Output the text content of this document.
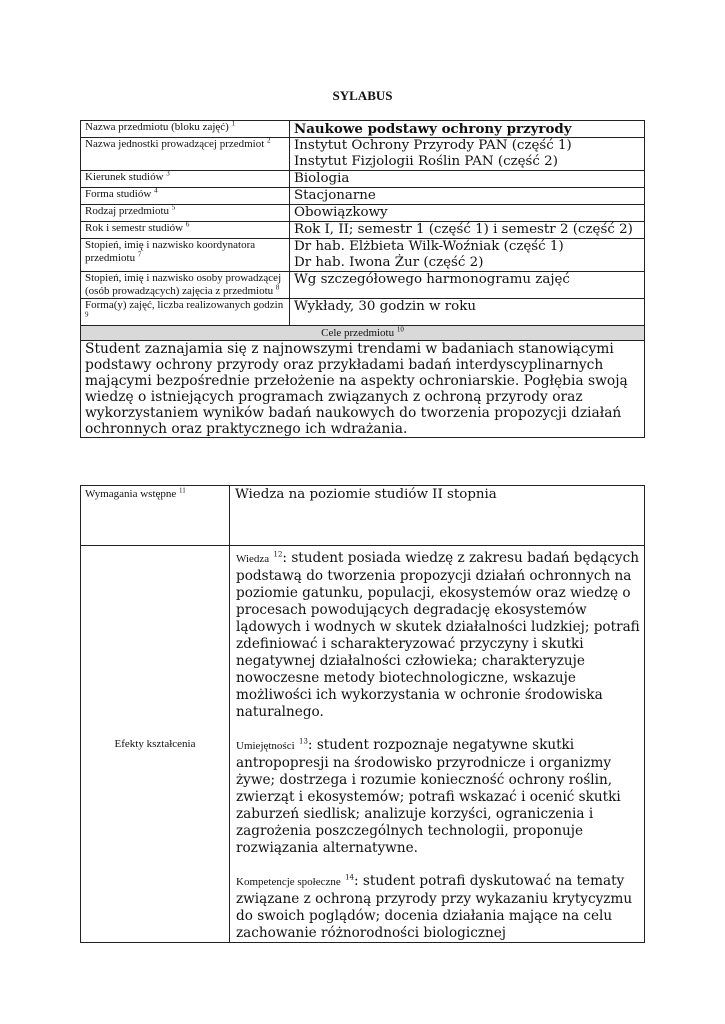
SYLABUS
Nazwa przedmiotu (bloku zajęć) $^1$	Naukowe podstawy ochrony przyrody
Nazwa jednostki prowadzącej przedmiot $^2$	Instytut Ochrony Przyrody PAN (część 1)
Instytut Fizjologii Roślin PAN (część 2)
Kierunek studiów $^3$	Biologia
Forma studiów $^4$	Stacjonarne
Rodzaj przedmiotu $^5$	Obowiązkowy
Rok i semestr studiów $^6$	Rok I, II; semestr 1 (część 1) i semestr 2 (część 2)
Stopień, imię i nazwisko koordynatora przedmiotu $^7$	Dr hab. Elżbieta Wilk-Woźniak (część 1)
Dr hab. Iwona Żur (część 2)
Stopień, imię i nazwisko osoby prowadzącej (osób prowadzących) zajęcia z przedmiotu $^8$	Wg szczegółowego harmonogramu zajęć
Forma(y) zajęć, liczba realizowanych godzin $^9$	Wykłady, 30 godzin w roku
Cele przedmiotu $^{10}$
Student zaznajamia się z najnowszymi trendami w badaniach stanowiącymi podstawy ochrony przyrody oraz przykładami badań interdyscyplinarnych mającymi bezpośrednie przełożenie na aspekty ochroniarskie. Pogłębia swoją wiedzę o istniejących programach związanych z ochroną przyrody oraz wykorzystaniem wyników badań naukowych do tworzenia propozycji działań ochronnych oraz praktycznego ich wdrażania.	
Wymagania wstępne $^{11}$	Wiedza na poziomie studiów II stopnia
Efekty kształcenia	Wiedza $^{12}$: student posiada wiedzę z zakresu badań będących podstawą do tworzenia propozycji działań ochronnych na poziomie gatunku, populacji, ekosystemów oraz wiedzę o procesach powodujących degradację ekosystemów lądowych i wodnych w skutek działalności ludzkiej; potrafi zdefiniować i scharakteryzować przyczyny i skutki negatywnej działalności człowieka; charakteryzuje nowoczesne metody biotechnologiczne, wskazuje możliwości ich wykorzystania w ochronie środowiska naturalnego.

Umiejętności $^{13}$: student rozpoznaje negatywne skutki antropopresji na środowisko przyrodnicze i organizmy żywe; dostrzega i rozumie konieczność ochrony roślin, zwierząt i ekosystemów; potrafi wskazać i ocenić skutki zaburzeń siedlisk; analizuje korzyści, ograniczenia i zagrożenia poszczególnych technologii, proponuje rozwiązania alternatywne.

Kompetencje społeczne $^{14}$: student potrafi dyskutować na tematy związane z ochroną przyrody przy wykazaniu krytycyzmu do swoich poglądów; docenia działania mające na celu zachowanie różnorodności biologicznej
